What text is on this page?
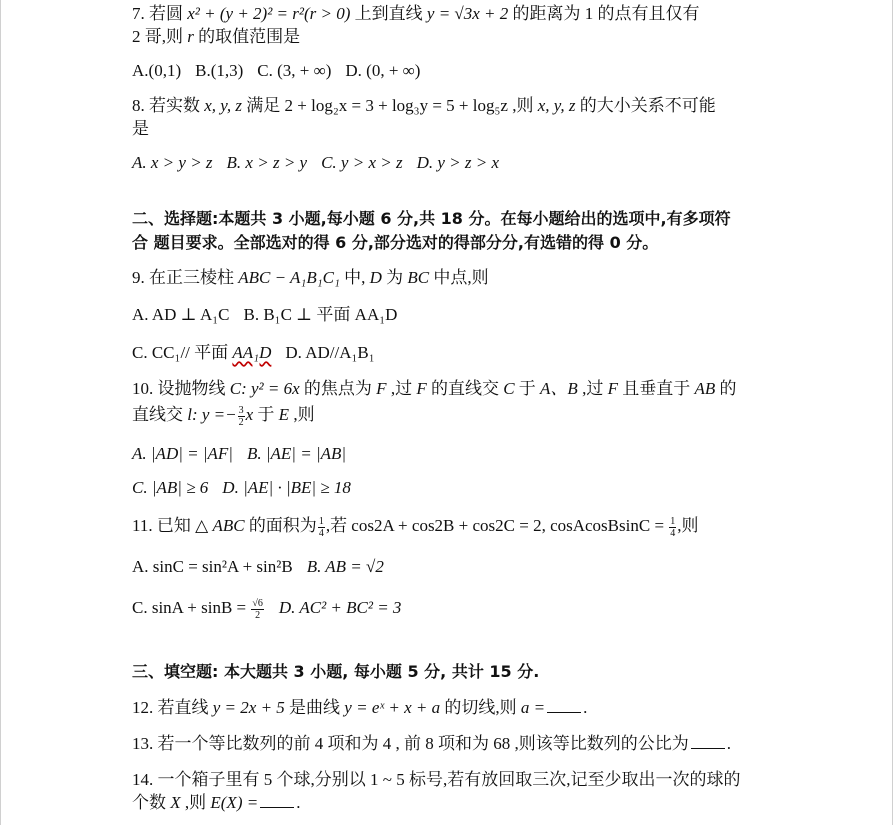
7. 若圆 x² + (y + 2)² = r²(r > 0) 上到直线 y = √3x + 2 的距离为 1 的点有且仅有
2 哥,则 r 的取值范围是
A.(0,1) B.(1,3) C. (3, + ∞) D. (0, + ∞)
8. 若实数 x, y, z 满足 2 + log₂x = 3 + log₃y = 5 + log₅z ,则 x, y, z 的大小关系不可能
是
A. x > y > z B. x > z > y C. y > x > z D. y > z > x
二、选择题:本题共 3 小题,每小题 6 分,共 18 分。在每小题给出的选项中,有多项符
合 题目要求。全部选对的得 6 分,部分选对的得部分分,有选错的得 0 分。
9. 在正三棱柱 ABC − A₁B₁C₁ 中, D 为 BC 中点,则
A. AD ⊥ A₁C B. B₁C ⊥ 平面 AA₁D
C. CC₁// 平面 AA₁D D. AD//A₁B₁
10. 设抛物线 C: y² = 6x 的焦点为 F ,过 F 的直线交 C 于 A、B ,过 F 且垂直于 AB 的
直线交 l: $y =- \frac{3}{2}$ x 于 E ,则
A. |AD| = |AF| B. |AE| = |AB|
C. |AB| ≥ 6 D. |AE| · |BE| ≥ 18
11. 已知 △ ABC 的面积为 $\frac{1}{4}$ ,若 cos2A + cos2B + cos2C = 2, cosAcosBsinC = $\frac{1}{4}$ ,则
A. sinC = sin²A + sin²B B. AB = √2
C. $\sin A + \sin B = \frac{√6}{2} D$. AC² + BC² = 3
三、填空题: 本大题共 3 小题, 每小题 5 分, 共计 15 分.
12. 若直线 y = 2x + 5 是曲线 y = eˣ + x + a 的切线,则 a = .
13. 若一个等比数列的前 4 项和为 4 , 前 8 项和为 68 ,则该等比数列的公比为 .
14. 一个箱子里有 5 个球,分别以 1 ~ 5 标号,若有放回取三次,记至少取出一次的球的
个数 X ,则 E(X) = .
